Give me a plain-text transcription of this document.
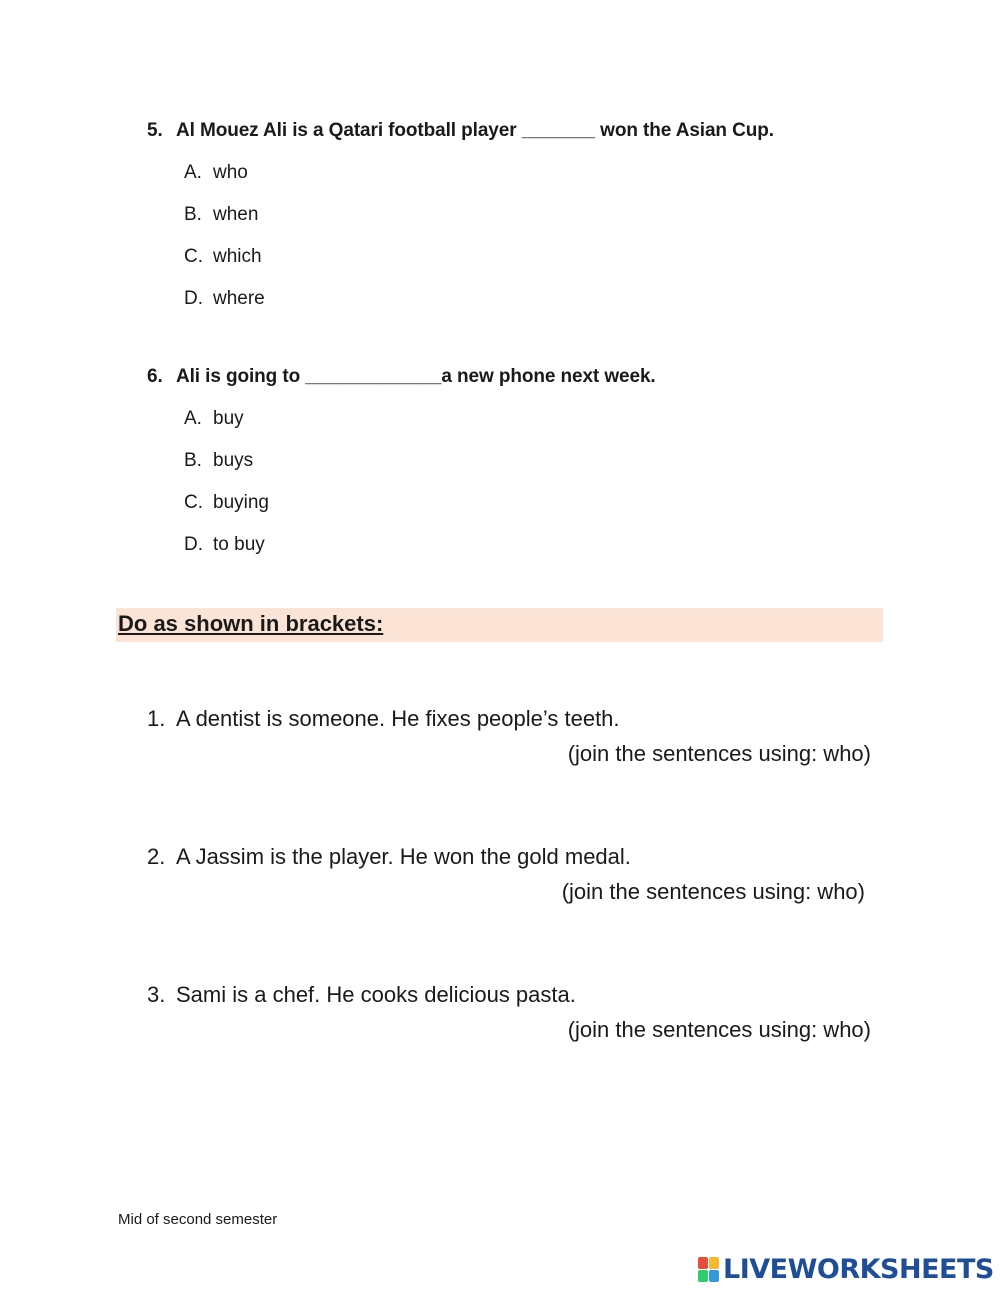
5. Al Mouez Ali is a Qatari football player _______ won the Asian Cup.
A. who
B. when
C. which
D. where
6. Ali is going to _____________a new phone next week.
A. buy
B. buys
C. buying
D. to buy
Do as shown in brackets:
1. A dentist is someone. He fixes people’s teeth.
(join the sentences using: who)
2. A Jassim is the player. He won the gold medal.
(join the sentences using: who)
3. Sami is a chef. He cooks delicious pasta.
(join the sentences using: who)
Mid of second semester
LIVEWORKSHEETS
